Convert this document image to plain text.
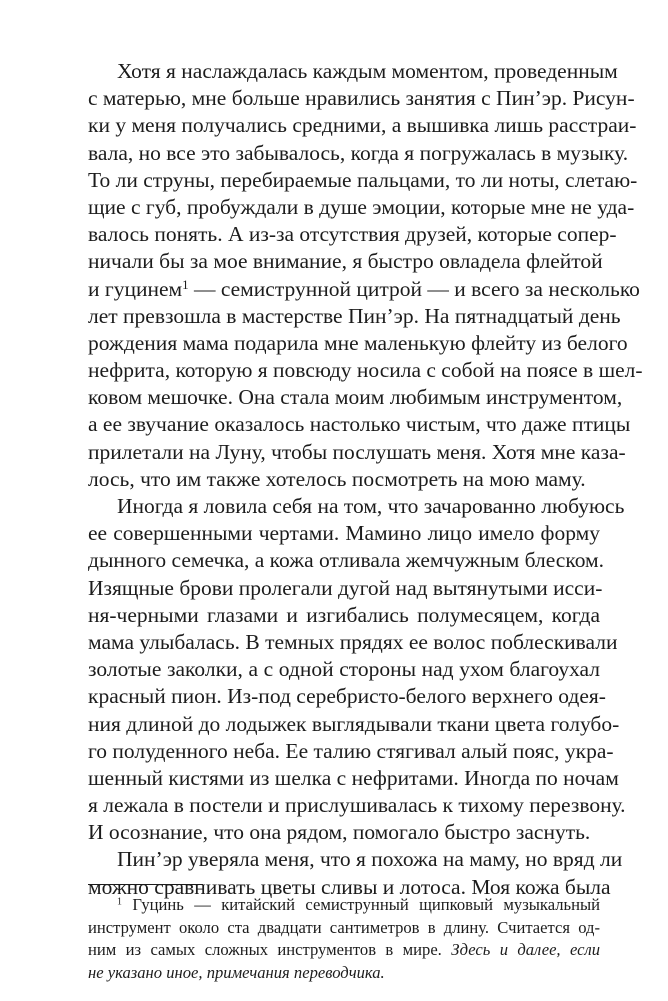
Хотя я наслаждалась каждым моментом, проведенным
с матерью, мне больше нравились занятия с Пин’эр. Рисун-
ки у меня получались средними, а вышивка лишь расстраи-
вала, но все это забывалось, когда я погружалась в музыку.
То ли струны, перебираемые пальцами, то ли ноты, слетаю-
щие с губ, пробуждали в душе эмоции, которые мне не уда-
валось понять. А из-за отсутствия друзей, которые сопер-
ничали бы за мое внимание, я быстро овладела флейтой
и гуцинем$^1$ — семиструнной цитрой — и всего за несколько
лет превзошла в мастерстве Пин’эр. На пятнадцатый день
рождения мама подарила мне маленькую флейту из белого
нефрита, которую я повсюду носила с собой на поясе в шел-
ковом мешочке. Она стала моим любимым инструментом,
а ее звучание оказалось настолько чистым, что даже птицы
прилетали на Луну, чтобы послушать меня. Хотя мне каза-
лось, что им также хотелось посмотреть на мою маму.
Иногда я ловила себя на том, что зачарованно любуюсь
ее совершенными чертами. Мамино лицо имело форму
дынного семечка, а кожа отливала жемчужным блеском.
Изящные брови пролегали дугой над вытянутыми исси-
ня-черными глазами и изгибались полумесяцем, когда
мама улыбалась. В темных прядях ее волос поблескивали
золотые заколки, а с одной стороны над ухом благоухал
красный пион. Из-под серебристо-белого верхнего одея-
ния длиной до лодыжек выглядывали ткани цвета голубо-
го полуденного неба. Ее талию стягивал алый пояс, укра-
шенный кистями из шелка с нефритами. Иногда по ночам
я лежала в постели и прислушивалась к тихому перезвону.
И осознание, что она рядом, помогало быстро заснуть.
Пин’эр уверяла меня, что я похожа на маму, но вряд ли
можно сравнивать цветы сливы и лотоса. Моя кожа была
$^1$ Гуцинь — китайский семиструнный щипковый музыкальный
инструмент около ста двадцати сантиметров в длину. Считается од-
ним из самых сложных инструментов в мире. Здесь и далее, если
не указано иное, примечания переводчика.
